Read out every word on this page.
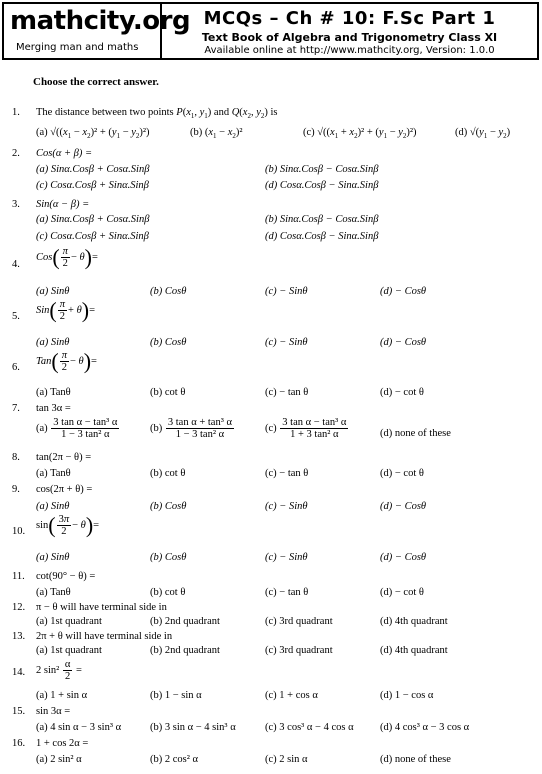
mathcity.org
Merging man and maths
MCQs – Ch # 10: F.Sc Part 1
Text Book of Algebra and Trigonometry Class XI
Available online at http://www.mathcity.org, Version: 1.0.0
Choose the correct answer.
1. The distance between two points $P(x_1$, $y_1$) and $Q(x_2$, $y_2$) is
(a) $√((x_1 - x_2)^2 + (y_1 - y_2)^2)$	(b) $(x_1 - x_2)^2$	(c) $√((x_1 + x_2)^2 + (y_1 - y_2)^2)$	(d) $√(y_1 - y_2)$
2. Cos(α + β) =
(a) Sinα.Cosβ + Cosα.Sinβ	(b) Sinα.Cosβ − Cosα.Sinβ
(c) Cosα.Cosβ + Sinα.Sinβ	(d) Cosα.Cosβ − Sinα.Sinβ
3. Sin(α − β) =
(a) Sinα.Cosβ + Cosα.Sinβ	(b) Sinα.Cosβ − Cosα.Sinβ
(c) Cosα.Cosβ + Sinα.Sinβ	(d) Cosα.Cosβ − Sinα.Sinβ
4.
$Cos( \frac{\pi}{2} - \theta)=$
(a) Sinθ	(b) Cosθ	(c) − Sinθ	(d) − Cosθ
5.
$Sin( \frac{\pi}{2} + \theta)=$
(a) Sinθ	(b) Cosθ	(c) − Sinθ	(d) − Cosθ
6.
$Tan( \frac{\pi}{2} - \theta)=$
(a) Tanθ	(b) cot θ	(c) − tan θ	(d) − cot θ
7. tan 3α =
$(a) \frac{\text{3 tan α − tan³ α}}{\text{1 − 3 tan² α}}$	$(b) \frac{\text{3 tan α + tan³ α}}{\text{1 − 3 tan² α}}$	$(c) \frac{\text{3 tan α − tan³ α}}{\text{1 + 3 tan² α}}$	(d) none of these
8. tan(2π − θ) =
(a) Tanθ	(b) cot θ	(c) − tan θ	(d) − cot θ
9. cos(2π + θ) =
(a) Sinθ	(b) Cosθ	(c) − Sinθ	(d) − Cosθ
10.
$\sin( \frac{3\pi}{2} - \theta)=$
(a) Sinθ	(b) Cosθ	(c) − Sinθ	(d) − Cosθ
11. cot(90° − θ) =
(a) Tanθ	(b) cot θ	(c) − tan θ	(d) − cot θ
12. π − θ will have terminal side in
(a) 1st quadrant	(b) 2nd quadrant	(c) 3rd quadrant	(d) 4th quadrant
13. 2π + θ will have terminal side in
(a) 1st quadrant	(b) 2nd quadrant	(c) 3rd quadrant	(d) 4th quadrant
14. 2 $\sin^2 \frac{\alpha}{2}$ =
(a) 1 + sin α	(b) 1 − sin α	(c) 1 + cos α	(d) 1 − cos α
15. sin 3α =
(a) 4 sin α − 3 sin³ α	(b) 3 sin α − 4 sin³ α	(c) 3 cos³ α − 4 cos α	(d) 4 cos³ α − 3 cos α
16. 1 + cos 2α =
(a) 2 sin² α	(b) 2 cos² α	(c) 2 sin α	(d) none of these
